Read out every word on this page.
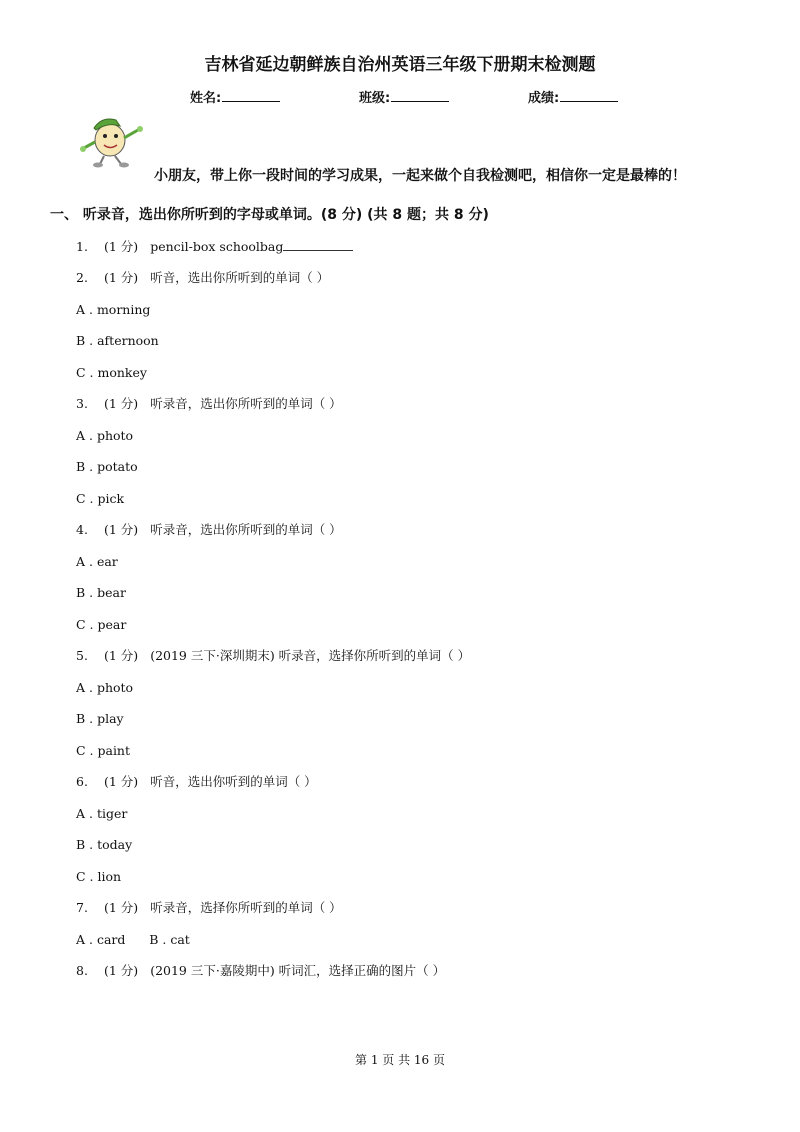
吉林省延边朝鲜族自治州英语三年级下册期末检测题
姓名:	班级:	成绩:
小朋友，带上你一段时间的学习成果，一起来做个自我检测吧，相信你一定是最棒的！
一、 听录音，选出你所听到的字母或单词。(8 分) (共 8 题；共 8 分)
1. (1 分) pencil-box schoolbag
2. (1 分) 听音，选出你所听到的单词（ ）
A . morning
B . afternoon
C . monkey
3. (1 分) 听录音，选出你所听到的单词（ ）
A . photo
B . potato
C . pick
4. (1 分) 听录音，选出你所听到的单词（ ）
A . ear
B . bear
C . pear
5. (1 分) (2019 三下·深圳期末) 听录音，选择你所听到的单词（ ）
A . photo
B . play
C . paint
6. (1 分) 听音，选出你听到的单词（ ）
A . tiger
B . today
C . lion
7. (1 分) 听录音，选择你所听到的单词（ ）
A . card      B . cat
8. (1 分) (2019 三下·嘉陵期中) 听词汇，选择正确的图片（ ）
第 1 页 共 16 页
